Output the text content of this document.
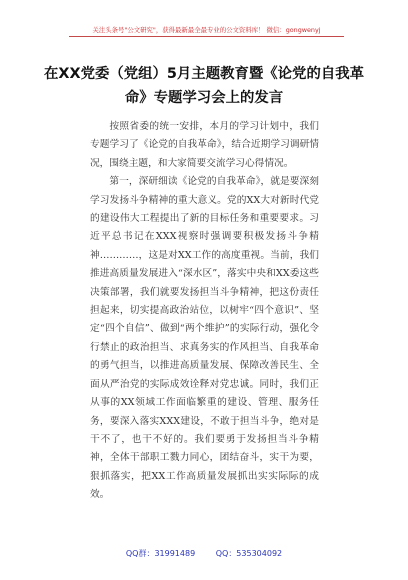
关注头条号"公文研究"，获得最新最全最专业的公文资料库！ 微信：gongwenyj
在XX党委（党组）5月主题教育暨《论党的自我革命》专题学习会上的发言

按照省委的统一安排，本月的学习计划中，我们专题学习了《论党的自我革命》，结合近期学习调研情况，围绕主题，和大家简要交流学习心得情况。

第一，深研细读《论党的自我革命》，就是要深刻学习发扬斗争精神的重大意义。党的XX大对新时代党的建设伟大工程提出了新的目标任务和重要要求。习近平总书记在XXX视察时强调要积极发扬斗争精神…………，这是对XX工作的高度重视。当前，我们推进高质量发展进入“深水区”，落实中央和XX委这些决策部署，我们就要发扬担当斗争精神，把这份责任担起来，切实提高政治站位，以树牢“四个意识”、坚定“四个自信”、做到“两个维护”的实际行动，强化令行禁止的政治担当、求真务实的作风担当、自我革命的勇气担当，以推进高质量发展、保障改善民生、全面从严治党的实际成效诠释对党忠诚。同时，我们正从事的XX领域工作面临繁重的建设、管理、服务任务，要深入落实XXX建设，不敢于担当斗争，绝对是干不了，也干不好的。我们要勇于发扬担当斗争精神，全体干部职工戮力同心，团结奋斗，实干为要，狠抓落实，把XX工作高质量发展抓出实实际际的成效。

QQ群：31991489	QQ：535304092
